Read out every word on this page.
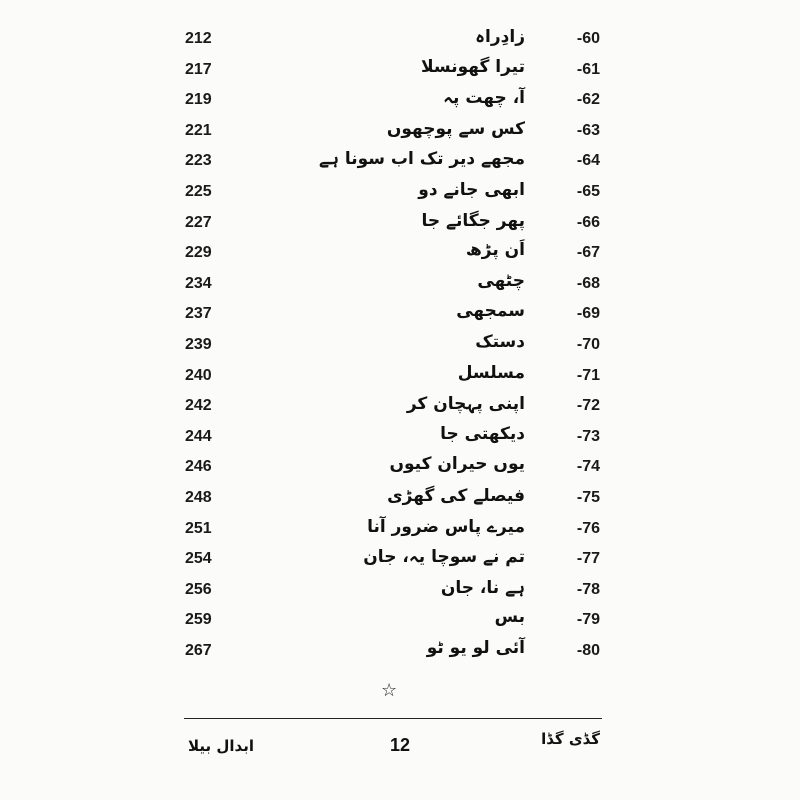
212	زادِراہ	-60
217	تیرا گھونسلا	-61
219	آ، چھت پہ	-62
221	کس سے پوچھوں	-63
223	مجھے دیر تک اب سونا ہے	-64
225	ابھی جانے دو	-65
227	پھر جگائے جا	-66
229	اَن پڑھ	-67
234	چٹھی	-68
237	سمجھی	-69
239	دستک	-70
240	مسلسل	-71
242	اپنی پہچان کر	-72
244	دیکھتی جا	-73
246	یوں حیران کیوں	-74
248	فیصلے کی گھڑی	-75
251	میرے پاس ضرور آنا	-76
254	تم نے سوچا یہ، جان	-77
256	ہے نا، جان	-78
259	بس	-79
267	آئی لو یو ٹو	-80
☆
ابدال بیلا	12	گڈی گڈا
